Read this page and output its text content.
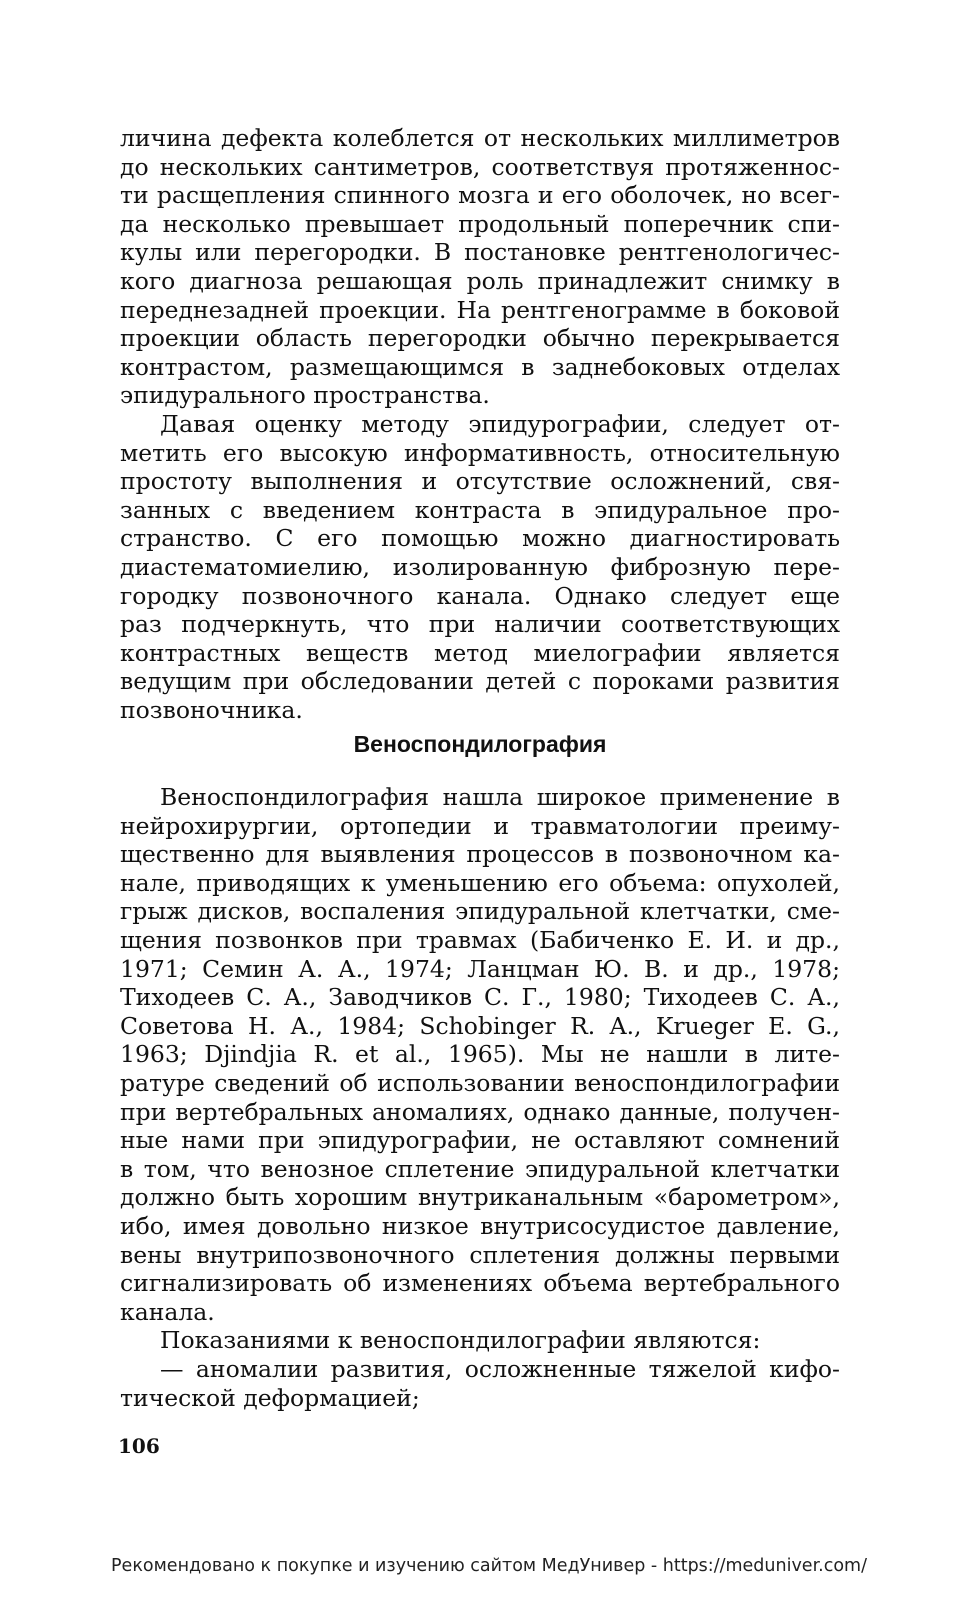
личина дефекта колеблется от нескольких миллиметров
до нескольких сантиметров, соответствуя протяженнос-
ти расщепления спинного мозга и его оболочек, но всег-
да несколько превышает продольный поперечник спи-
кулы или перегородки. В постановке рентгенологичес-
кого диагноза решающая роль принадлежит снимку в
переднезадней проекции. На рентгенограмме в боковой
проекции область перегородки обычно перекрывается
контрастом, размещающимся в заднебоковых отделах
эпидурального пространства.
Давая оценку методу эпидурографии, следует от-
метить его высокую информативность, относительную
простоту выполнения и отсутствие осложнений, свя-
занных с введением контраста в эпидуральное про-
странство. С его помощью можно диагностировать
диастематомиелию, изолированную фиброзную пере-
городку позвоночного канала. Однако следует еще
раз подчеркнуть, что при наличии соответствующих
контрастных веществ метод миелографии является
ведущим при обследовании детей с пороками развития
позвоночника.
Веноспондилография
Веноспондилография нашла широкое применение в
нейрохирургии, ортопедии и травматологии преиму-
щественно для выявления процессов в позвоночном ка-
нале, приводящих к уменьшению его объема: опухолей,
грыж дисков, воспаления эпидуральной клетчатки, сме-
щения позвонков при травмах (Бабиченко Е. И. и др.,
1971; Семин А. А., 1974; Ланцман Ю. В. и др., 1978;
Тиходеев С. А., Заводчиков С. Г., 1980; Тиходеев С. А.,
Советова Н. А., 1984; Schobinger R. A., Krueger E. G.,
1963; Djindjia R. et al., 1965). Мы не нашли в лите-
ратуре сведений об использовании веноспондилографии
при вертебральных аномалиях, однако данные, получен-
ные нами при эпидурографии, не оставляют сомнений
в том, что венозное сплетение эпидуральной клетчатки
должно быть хорошим внутриканальным «барометром»,
ибо, имея довольно низкое внутрисосудистое давление,
вены внутрипозвоночного сплетения должны первыми
сигнализировать об изменениях объема вертебрального
канала.
Показаниями к веноспондилографии являются:
— аномалии развития, осложненные тяжелой кифо-
тической деформацией;
106
Рекомендовано к покупке и изучению сайтом МедУнивер - https://meduniver.com/
